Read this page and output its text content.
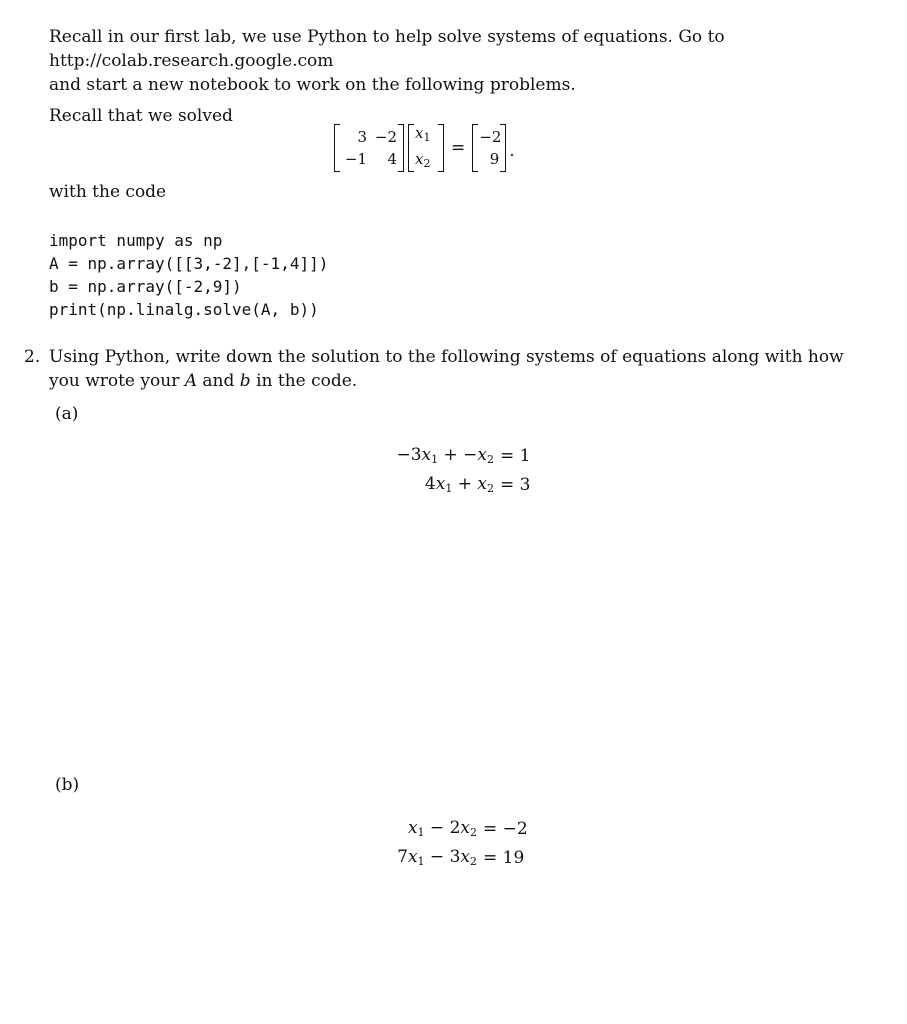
Recall in our first lab, we use Python to help solve systems of equations. Go to
http://colab.research.google.com
and start a new notebook to work on the following problems.
Recall that we solved
3 −2
−1	4
$x_1$
$x_2$
=
−2
9 .
with the code
import numpy as np
A = np.array([[3,-2],[-1,4]])
b = np.array([-2,9])
print(np.linalg.solve(A, b))
2. Using Python, write down the solution to the following systems of equations along with how
you wrote your A and b in the code.
(a)
$-3x_1 + -x_2 = 1$
$4x_1 + x_2 = 3$
(b)
$x_1 - 2x_2 = -2$
$7x_1 - 3x_2 = 19$
